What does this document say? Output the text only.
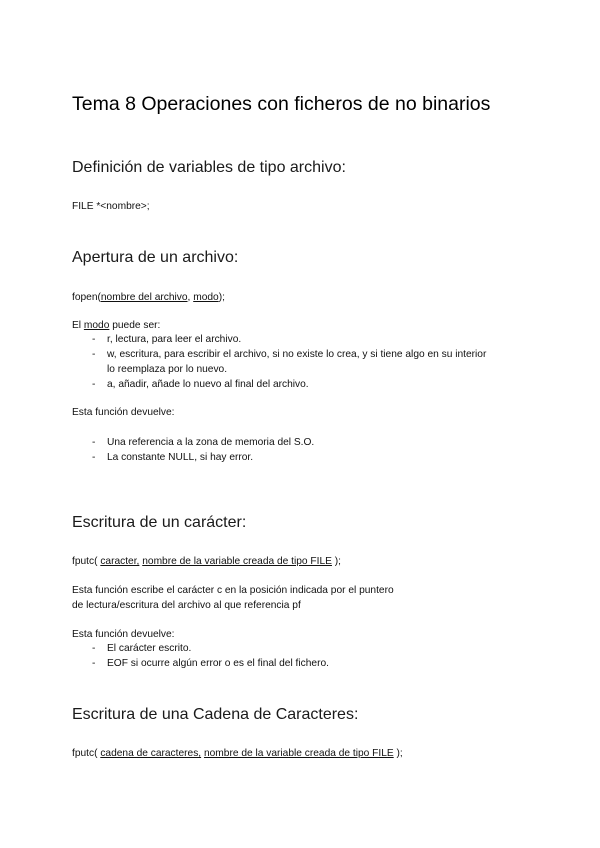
Tema 8 Operaciones con ficheros de no binarios
Definición de variables de tipo archivo:
FILE *<nombre>;
Apertura de un archivo:
fopen(nombre del archivo, modo);
El modo puede ser:
- r, lectura, para leer el archivo.
- w, escritura, para escribir el archivo, si no existe lo crea, y si tiene algo en su interior
lo reemplaza por lo nuevo.
- a, añadir, añade lo nuevo al final del archivo.
Esta función devuelve:
- Una referencia a la zona de memoria del S.O.
- La constante NULL, si hay error.
Escritura de un carácter:
fputc( caracter, nombre de la variable creada de tipo FILE );
Esta función escribe el carácter c en la posición indicada por el puntero
de lectura/escritura del archivo al que referencia pf
Esta función devuelve:
- El carácter escrito.
- EOF si ocurre algún error o es el final del fichero.
Escritura de una Cadena de Caracteres:
fputc( cadena de caracteres, nombre de la variable creada de tipo FILE );
